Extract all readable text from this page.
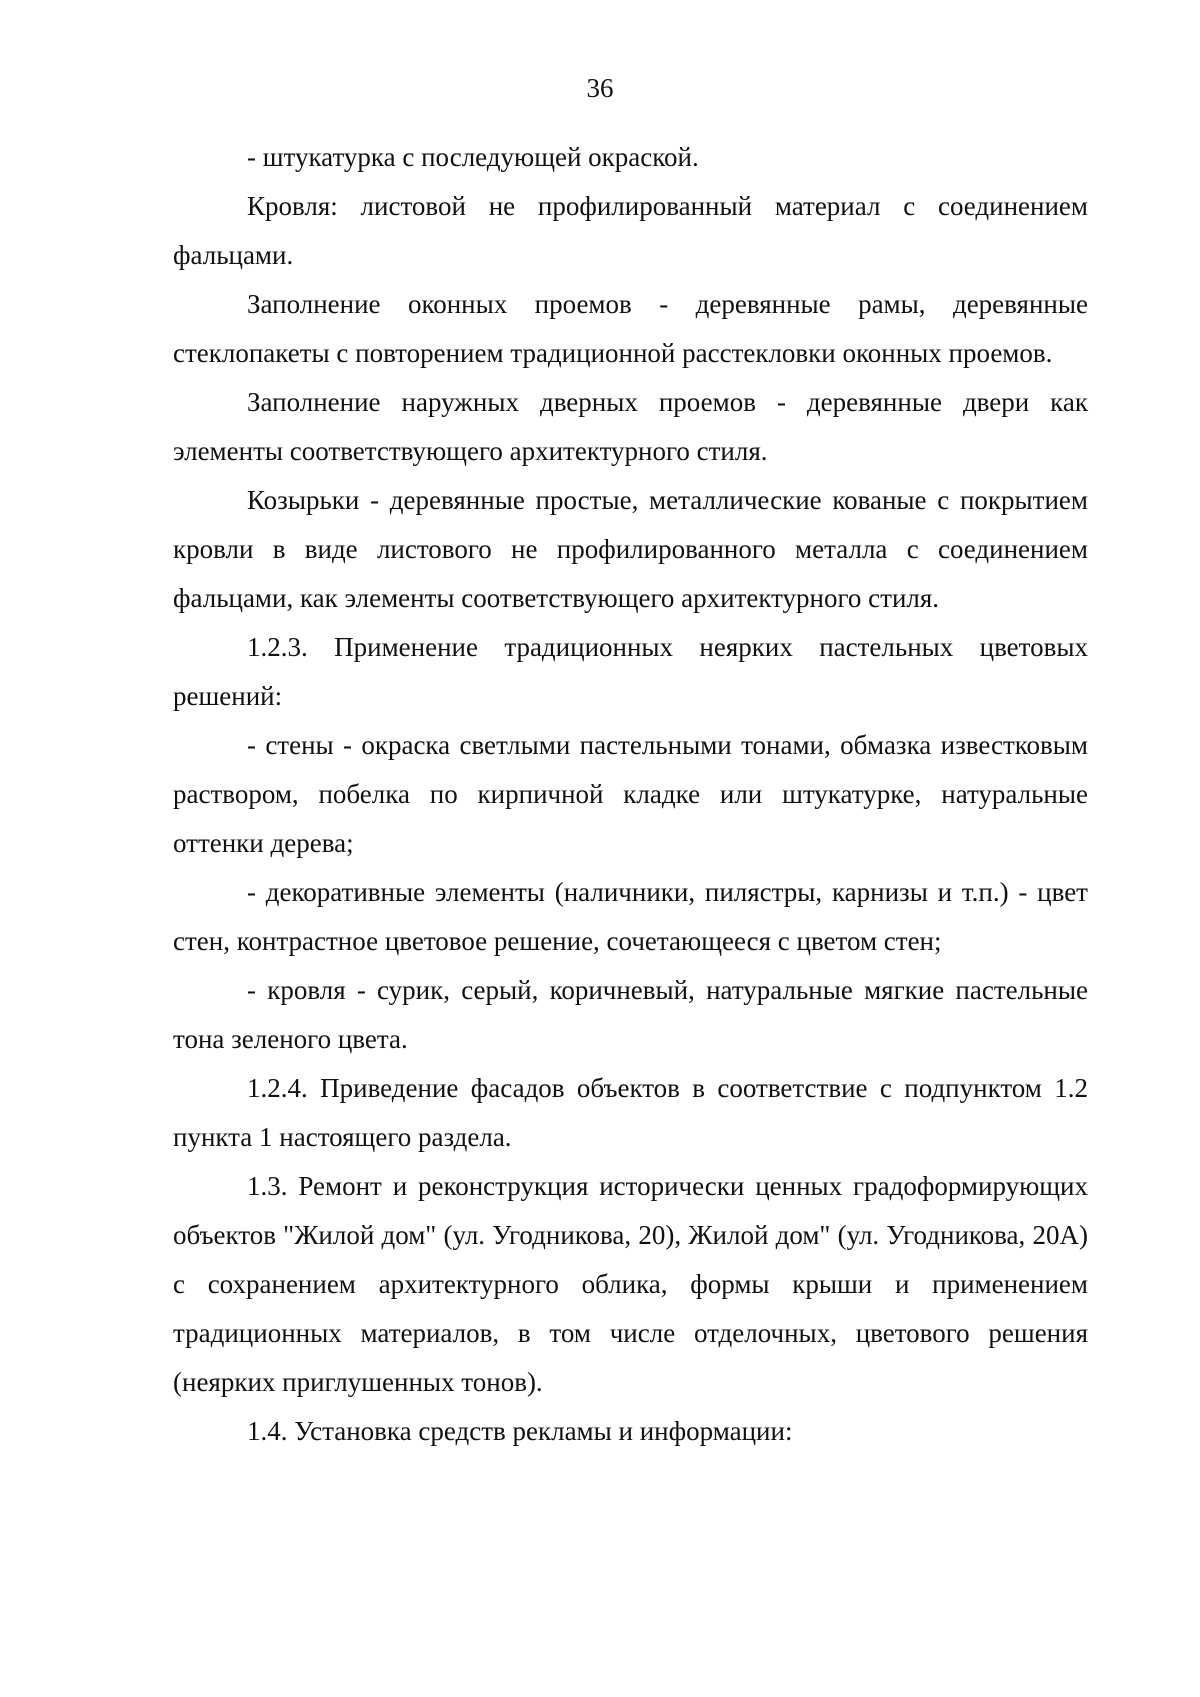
36

- штукатурка с последующей окраской.

Кровля: листовой не профилированный материал с соединением фальцами.

Заполнение оконных проемов - деревянные рамы, деревянные стеклопакеты с повторением традиционной расстекловки оконных проемов.

Заполнение наружных дверных проемов - деревянные двери как элементы соответствующего архитектурного стиля.

Козырьки - деревянные простые, металлические кованые с покрытием кровли в виде листового не профилированного металла с соединением фальцами, как элементы соответствующего архитектурного стиля.

1.2.3. Применение традиционных неярких пастельных цветовых решений:

- стены - окраска светлыми пастельными тонами, обмазка известковым раствором, побелка по кирпичной кладке или штукатурке, натуральные оттенки дерева;

- декоративные элементы (наличники, пилястры, карнизы и т.п.) - цвет стен, контрастное цветовое решение, сочетающееся с цветом стен;

- кровля - сурик, серый, коричневый, натуральные мягкие пастельные тона зеленого цвета.

1.2.4. Приведение фасадов объектов в соответствие с подпунктом 1.2 пункта 1 настоящего раздела.

1.3. Ремонт и реконструкция исторически ценных градоформирующих объектов "Жилой дом" (ул. Угодникова, 20), Жилой дом" (ул. Угодникова, 20А) с сохранением архитектурного облика, формы крыши и применением традиционных материалов, в том числе отделочных, цветового решения (неярких приглушенных тонов).

1.4. Установка средств рекламы и информации:
